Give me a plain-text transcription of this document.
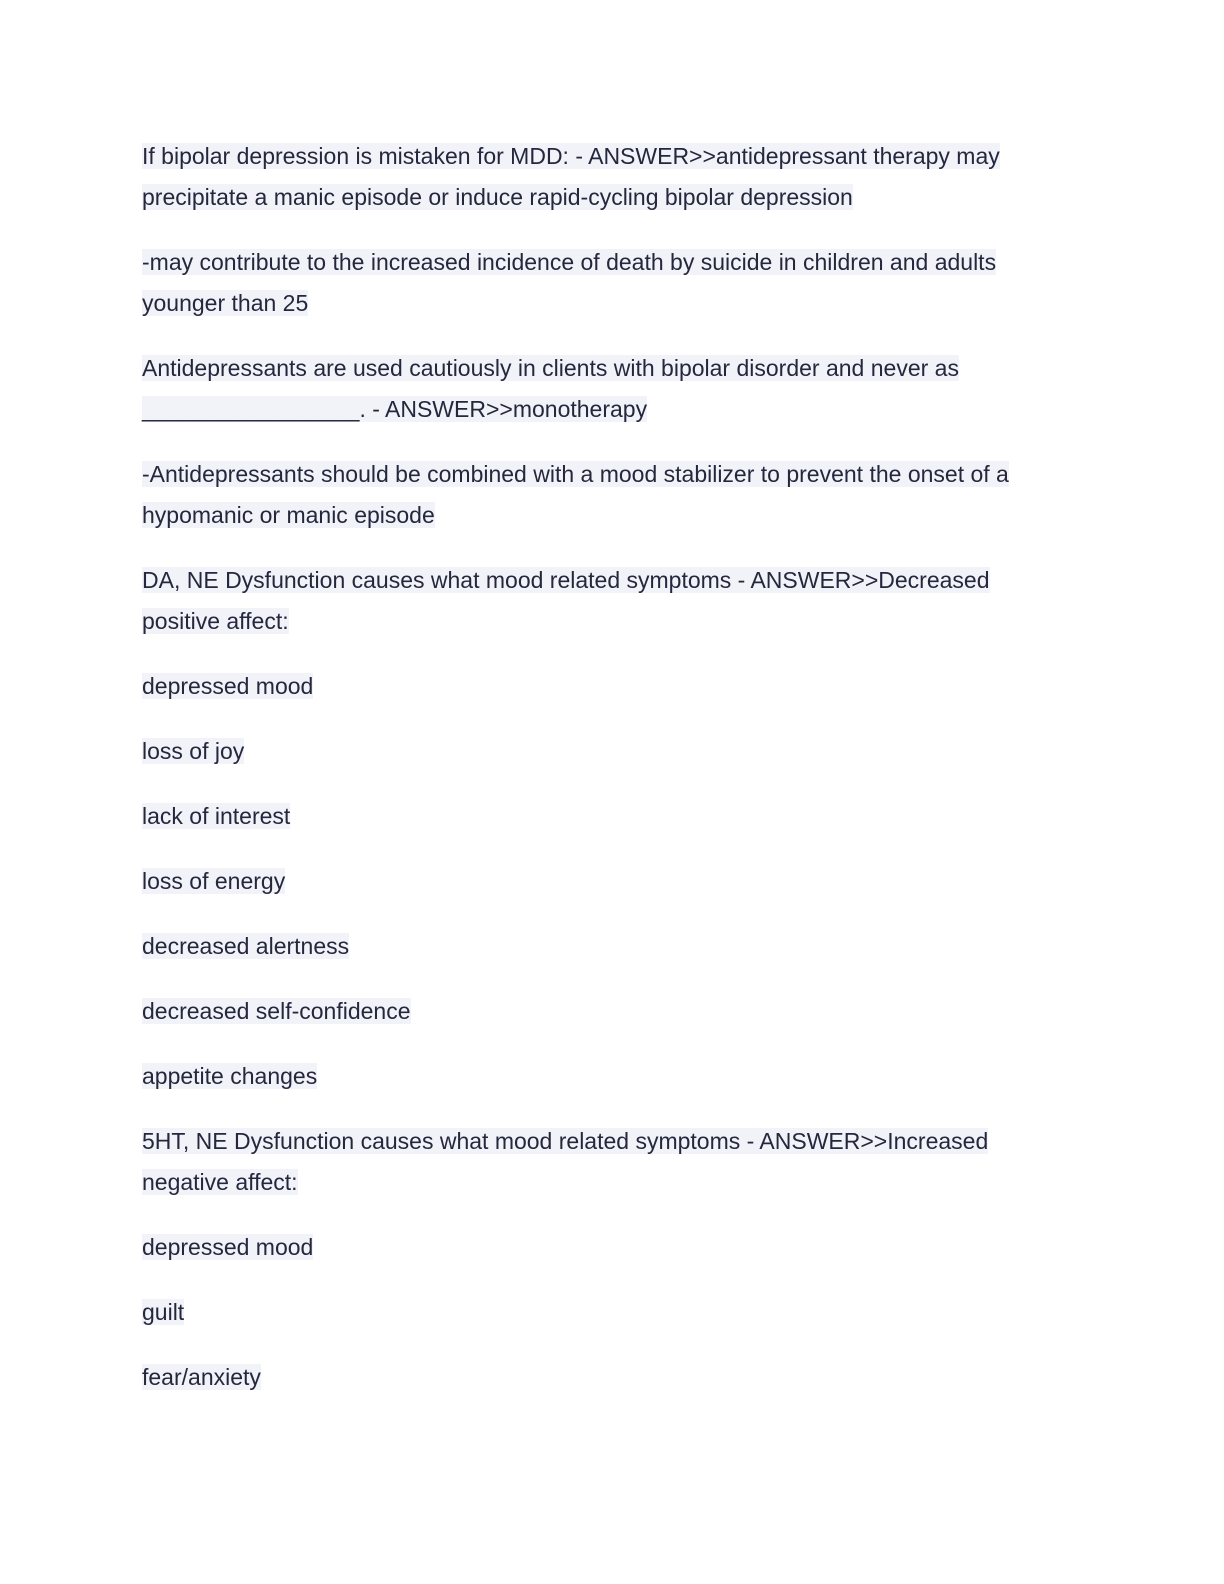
If bipolar depression is mistaken for MDD: - ANSWER>>antidepressant therapy may precipitate a manic episode or induce rapid-cycling bipolar depression

-may contribute to the increased incidence of death by suicide in children and adults younger than 25

Antidepressants are used cautiously in clients with bipolar disorder and never as _________________. - ANSWER>>monotherapy

-Antidepressants should be combined with a mood stabilizer to prevent the onset of a hypomanic or manic episode

DA, NE Dysfunction causes what mood related symptoms - ANSWER>>Decreased positive affect:

depressed mood

loss of joy

lack of interest

loss of energy

decreased alertness

decreased self-confidence

appetite changes

5HT, NE Dysfunction causes what mood related symptoms - ANSWER>>Increased negative affect:

depressed mood

guilt

fear/anxiety
